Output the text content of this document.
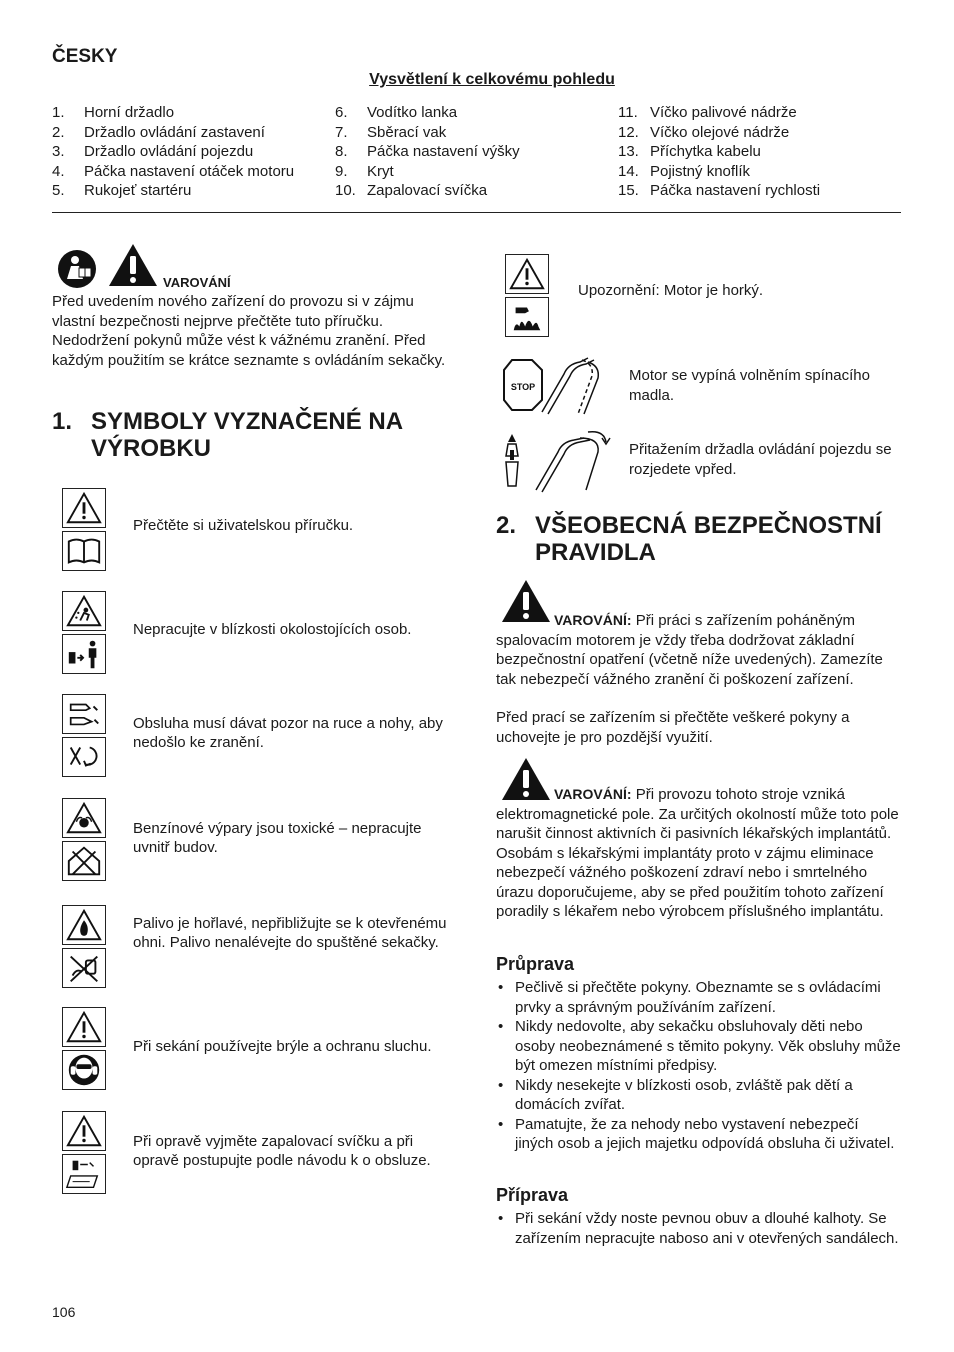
ČESKY
Vysvětlení k celkovému pohledu
1. Horní držadlo
2. Držadlo ovládání zastavení
3. Držadlo ovládání pojezdu
4. Páčka nastavení otáček motoru
5. Rukojeť startéru
6. Vodítko lanka
7. Sběrací vak
8. Páčka nastavení výšky
9. Kryt
10. Zapalovací svíčka
11. Víčko palivové nádrže
12. Víčko olejové nádrže
13. Příchytka kabelu
14. Pojistný knoflík
15. Páčka nastavení rychlosti
VAROVÁNÍ
Před uvedením nového zařízení do provozu si v zájmu vlastní bezpečnosti nejprve přečtěte tuto příručku. Nedodržení pokynů může vést k vážnému zranění. Před každým použitím se krátce seznamte s ovládáním sekačky.
1. SYMBOLY VYZNAČENÉ NA
VÝROBKU
Přečtěte si uživatelskou příručku.
Nepracujte v blízkosti okolostojících osob.
Obsluha musí dávat pozor na ruce a nohy, aby nedošlo ke zranění.
Benzínové výpary jsou toxické – nepracujte uvnitř budov.
Palivo je hořlavé, nepřibližujte se k otevřenému ohni. Palivo nenalévejte do spuštěné sekačky.
Při sekání používejte brýle a ochranu sluchu.
Při opravě vyjměte zapalovací svíčku a při opravě postupujte podle návodu k o obsluze.
Upozornění: Motor je horký.
STOP
Motor se vypíná volněním spínacího madla.
Přitažením držadla ovládání pojezdu se rozjedete vpřed.
2. VŠEOBECNÁ BEZPEČNOSTNÍ
PRAVIDLA
VAROVÁNÍ: Při práci s zařízením poháněným spalovacím motorem je vždy třeba dodržovat základní bezpečnostní opatření (včetně níže uvedených). Zamezíte tak nebezpečí vážného zranění či poškození zařízení.
Před prací se zařízením si přečtěte veškeré pokyny a uchovejte je pro pozdější využití.
VAROVÁNÍ: Při provozu tohoto stroje vzniká elektromagnetické pole. Za určitých okolností může toto pole narušit činnost aktivních či pasivních lékařských implantátů. Osobám s lékařskými implantáty proto v zájmu eliminace nebezpečí vážného poškození zdraví nebo i smrtelného úrazu doporučujeme, aby se před použitím tohoto zařízení poradily s lékařem nebo výrobcem příslušného implantátu.
Průprava
• Pečlivě si přečtěte pokyny. Obeznamte se s ovládacími prvky a správným používáním zařízení.
• Nikdy nedovolte, aby sekačku obsluhovaly děti nebo osoby neobeznámené s těmito pokyny. Věk obsluhy může být omezen místními předpisy.
• Nikdy nesekejte v blízkosti osob, zvláště pak dětí a domácích zvířat.
• Pamatujte, že za nehody nebo vystavení nebezpečí jiných osob a jejich majetku odpovídá obsluha či uživatel.
Příprava
• Při sekání vždy noste pevnou obuv a dlouhé kalhoty. Se zařízením nepracujte naboso ani v otevřených sandálech.
106
